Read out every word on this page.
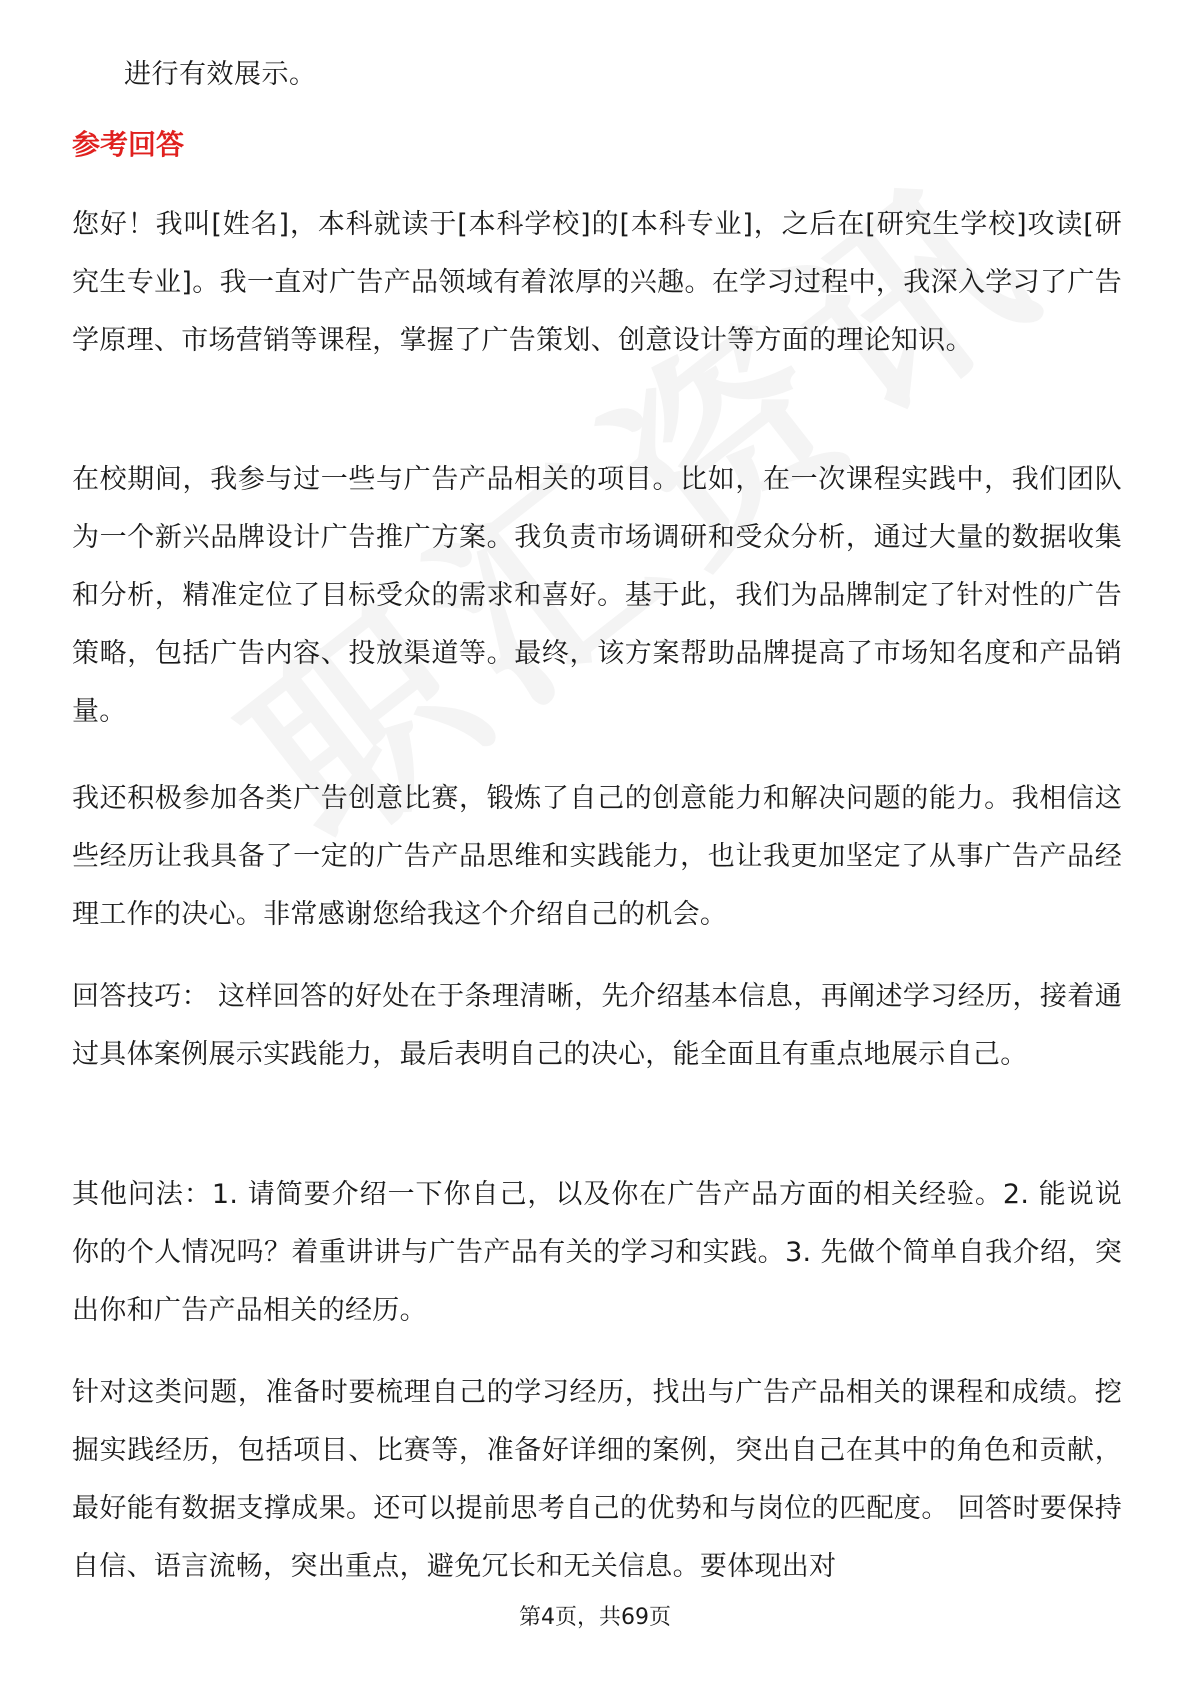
进行有效展示。
参考回答

您好！我叫[姓名]，本科就读于[本科学校]的[本科专业]，之后在[研究生学校]攻读[研究生专业]。我一直对广告产品领域有着浓厚的兴趣。在学习过程中，我深入学习了广告学原理、市场营销等课程，掌握了广告策划、创意设计等方面的理论知识。

在校期间，我参与过一些与广告产品相关的项目。比如，在一次课程实践中，我们团队为一个新兴品牌设计广告推广方案。我负责市场调研和受众分析，通过大量的数据收集和分析，精准定位了目标受众的需求和喜好。基于此，我们为品牌制定了针对性的广告策略，包括广告内容、投放渠道等。最终，该方案帮助品牌提高了市场知名度和产品销量。

我还积极参加各类广告创意比赛，锻炼了自己的创意能力和解决问题的能力。我相信这些经历让我具备了一定的广告产品思维和实践能力，也让我更加坚定了从事广告产品经理工作的决心。非常感谢您给我这个介绍自己的机会。

回答技巧： 这样回答的好处在于条理清晰，先介绍基本信息，再阐述学习经历，接着通过具体案例展示实践能力，最后表明自己的决心，能全面且有重点地展示自己。

其他问法：1. 请简要介绍一下你自己，以及你在广告产品方面的相关经验。2. 能说说你的个人情况吗？着重讲讲与广告产品有关的学习和实践。3. 先做个简单自我介绍，突出你和广告产品相关的经历。

针对这类问题，准备时要梳理自己的学习经历，找出与广告产品相关的课程和成绩。挖掘实践经历，包括项目、比赛等，准备好详细的案例，突出自己在其中的角色和贡献，最好能有数据支撑成果。还可以提前思考自己的优势和与岗位的匹配度。 回答时要保持自信、语言流畅，突出重点，避免冗长和无关信息。要体现出对

第4页，共69页
